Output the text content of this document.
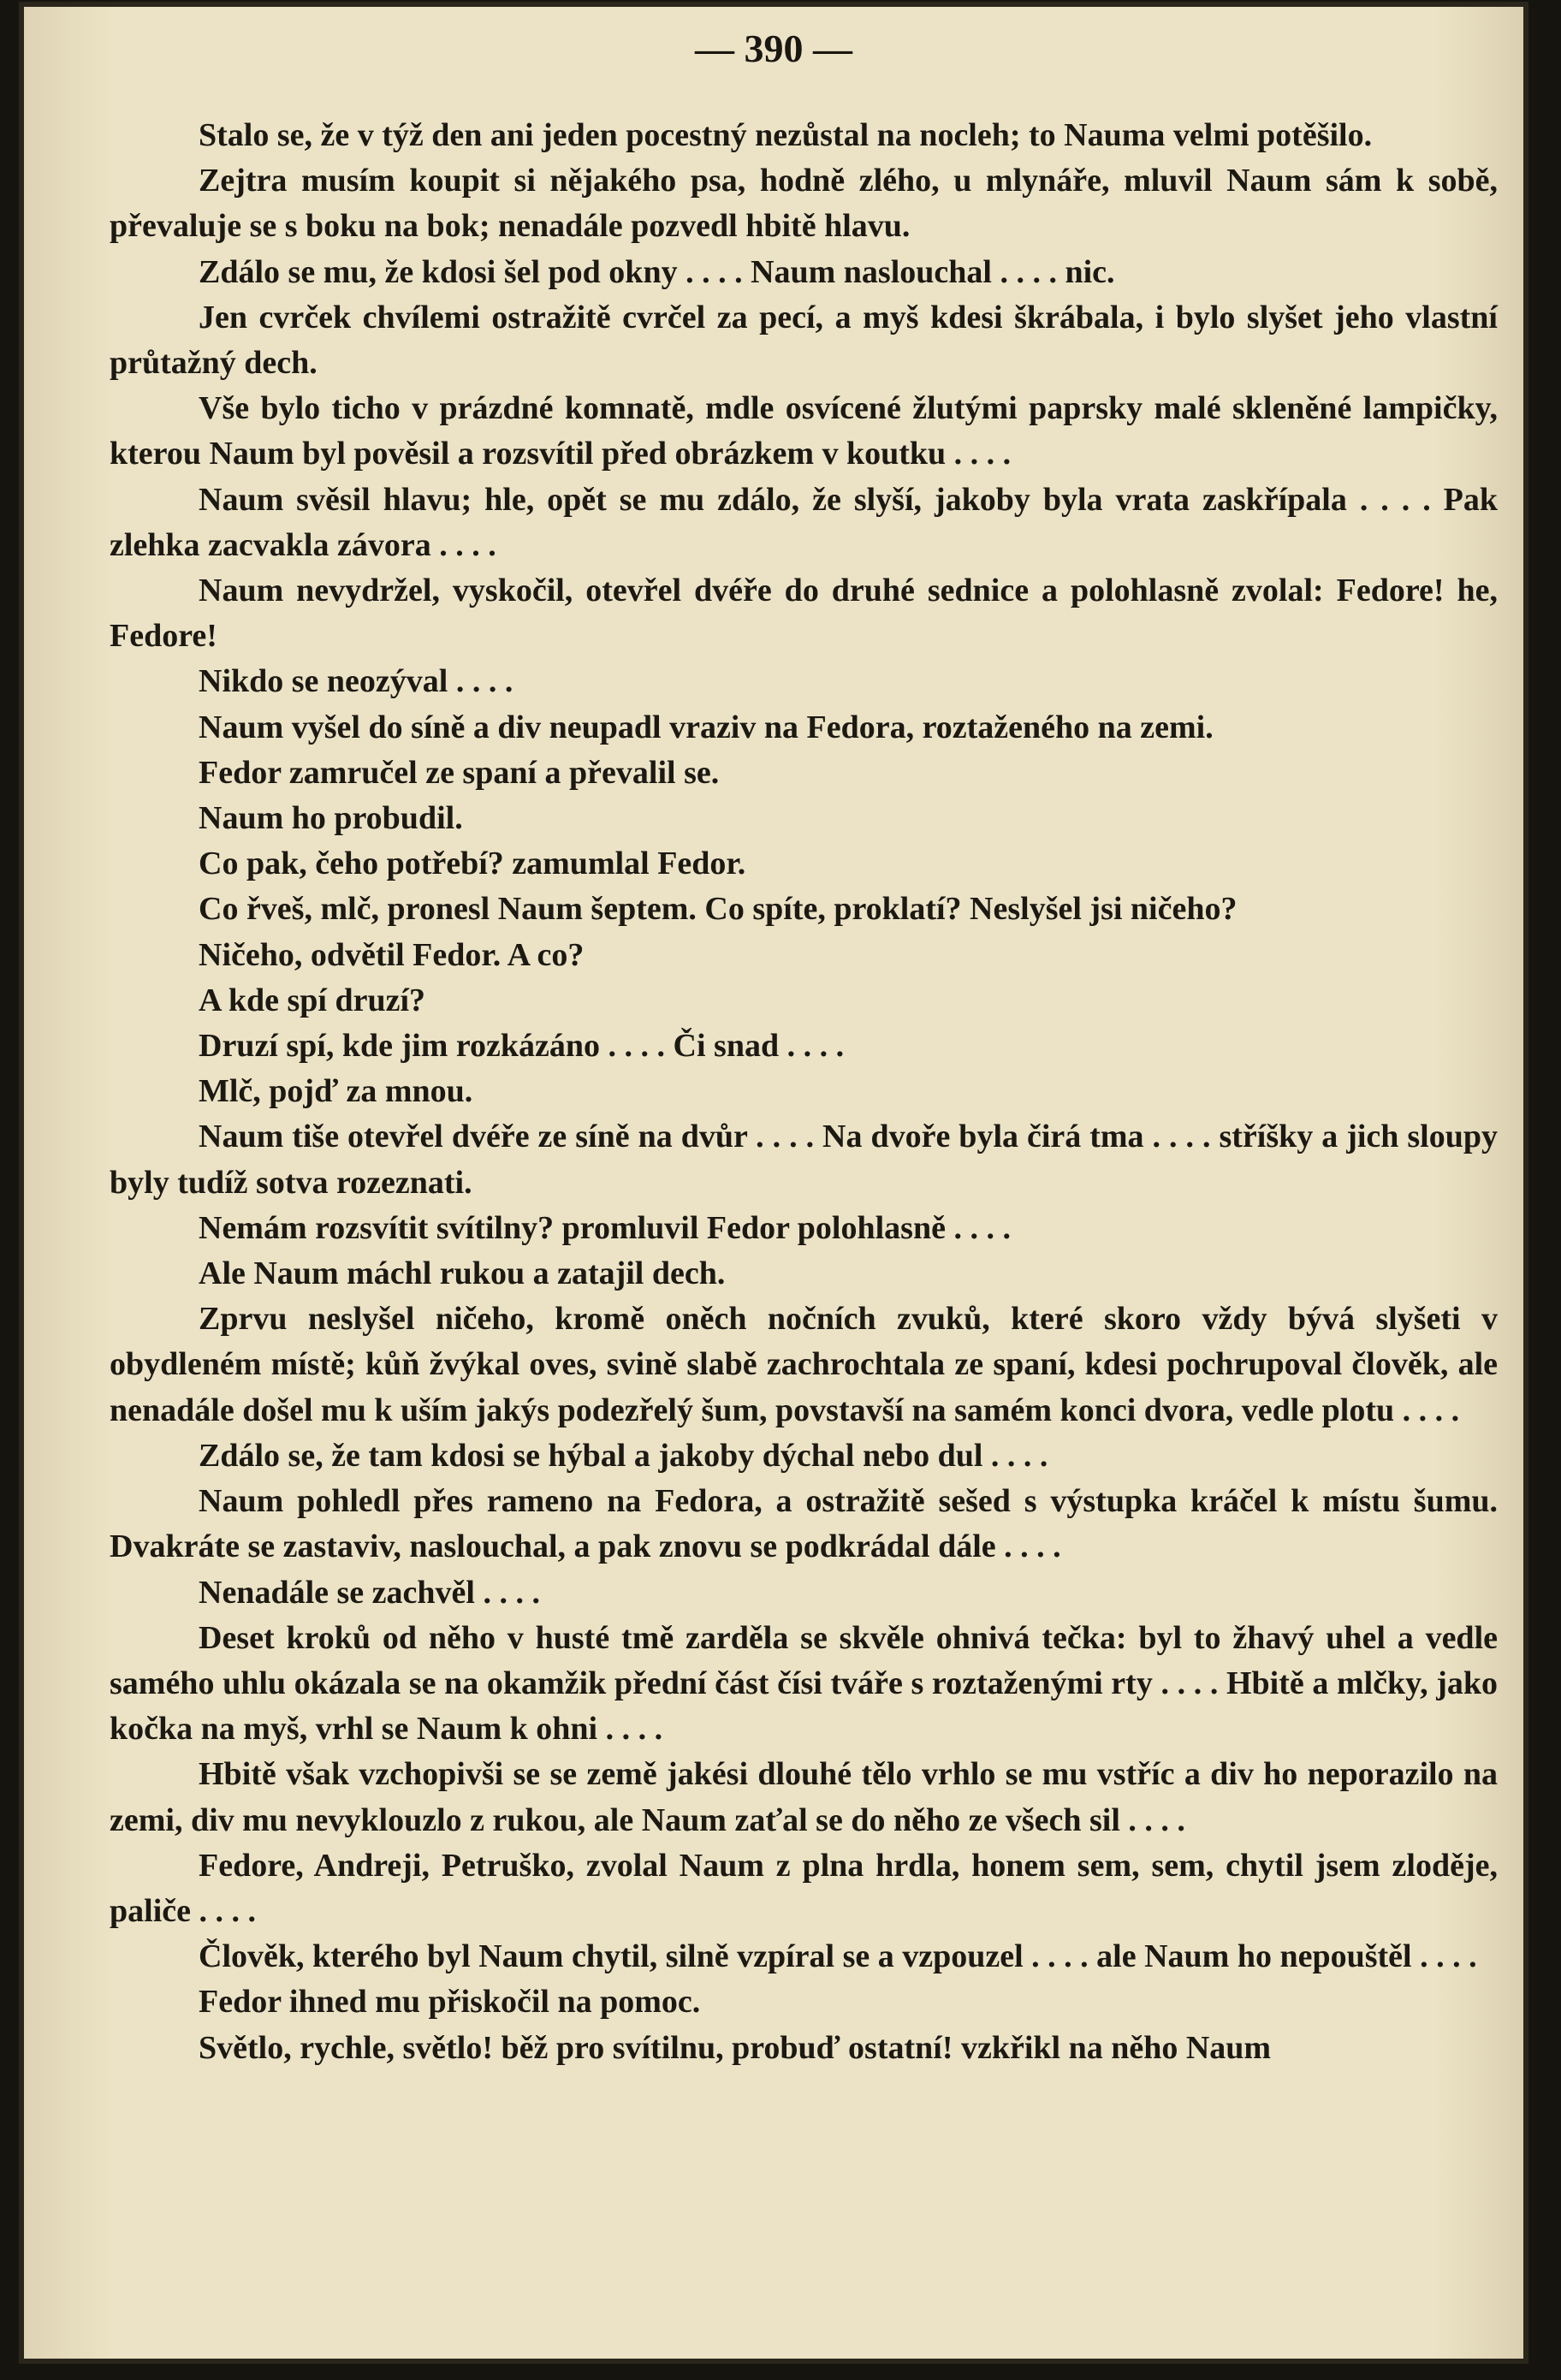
— 390 —

Stalo se, že v týž den ani jeden pocestný nezůstal na nocleh; to Nauma velmi potěšilo.

Zejtra musím koupit si nějakého psa, hodně zlého, u mlynáře, mluvil Naum sám k sobě, převaluje se s boku na bok; nenadále pozvedl hbitě hlavu.

Zdálo se mu, že kdosi šel pod okny . . . . Naum naslouchal . . . . nic.

Jen cvrček chvílemi ostražitě cvrčel za pecí, a myš kdesi škrábala, i bylo slyšet jeho vlastní průtažný dech.

Vše bylo ticho v prázdné komnatě, mdle osvícené žlutými paprsky malé skleněné lampičky, kterou Naum byl pověsil a rozsvítil před obrázkem v koutku . . . .

Naum svěsil hlavu; hle, opět se mu zdálo, že slyší, jakoby byla vrata zaskřípala . . . . Pak zlehka zacvakla závora . . . .

Naum nevydržel, vyskočil, otevřel dvéře do druhé sednice a polohlasně zvolal: Fedore! he, Fedore!

Nikdo se neozýval . . . .

Naum vyšel do síně a div neupadl vraziv na Fedora, roztaženého na zemi.

Fedor zamručel ze spaní a převalil se.

Naum ho probudil.

Co pak, čeho potřebí? zamumlal Fedor.

Co řveš, mlč, pronesl Naum šeptem. Co spíte, proklatí? Neslyšel jsi ničeho?

Ničeho, odvětil Fedor. A co?

A kde spí druzí?

Druzí spí, kde jim rozkázáno . . . . Či snad . . . .

Mlč, pojď za mnou.

Naum tiše otevřel dvéře ze síně na dvůr . . . . Na dvoře byla čirá tma . . . . stříšky a jich sloupy byly tudíž sotva rozeznati.

Nemám rozsvítit svítilny? promluvil Fedor polohlasně . . . .

Ale Naum máchl rukou a zatajil dech.

Zprvu neslyšel ničeho, kromě oněch nočních zvuků, které skoro vždy bývá slyšeti v obydleném místě; kůň žvýkal oves, svině slabě zachrochtala ze spaní, kdesi pochrupoval člověk, ale nenadále došel mu k uším jakýs podezřelý šum, povstavší na samém konci dvora, vedle plotu . . . .

Zdálo se, že tam kdosi se hýbal a jakoby dýchal nebo dul . . . .

Naum pohledl přes rameno na Fedora, a ostražitě sešed s výstupka kráčel k místu šumu. Dvakráte se zastaviv, naslouchal, a pak znovu se podkrádal dále . . . .

Nenadále se zachvěl . . . .

Deset kroků od něho v husté tmě zarděla se skvěle ohnivá tečka: byl to žhavý uhel a vedle samého uhlu okázala se na okamžik přední část čísi tváře s roztaženými rty . . . . Hbitě a mlčky, jako kočka na myš, vrhl se Naum k ohni . . . .

Hbitě však vzchopivši se se země jakési dlouhé tělo vrhlo se mu vstříc a div ho neporazilo na zemi, div mu nevyklouzlo z rukou, ale Naum zaťal se do něho ze všech sil . . . .

Fedore, Andreji, Petruško, zvolal Naum z plna hrdla, honem sem, sem, chytil jsem zloděje, paliče . . . .

Člověk, kterého byl Naum chytil, silně vzpíral se a vzpouzel . . . . ale Naum ho nepouštěl . . . .

Fedor ihned mu přiskočil na pomoc.

Světlo, rychle, světlo! běž pro svítilnu, probuď ostatní! vzkřikl na něho Naum
